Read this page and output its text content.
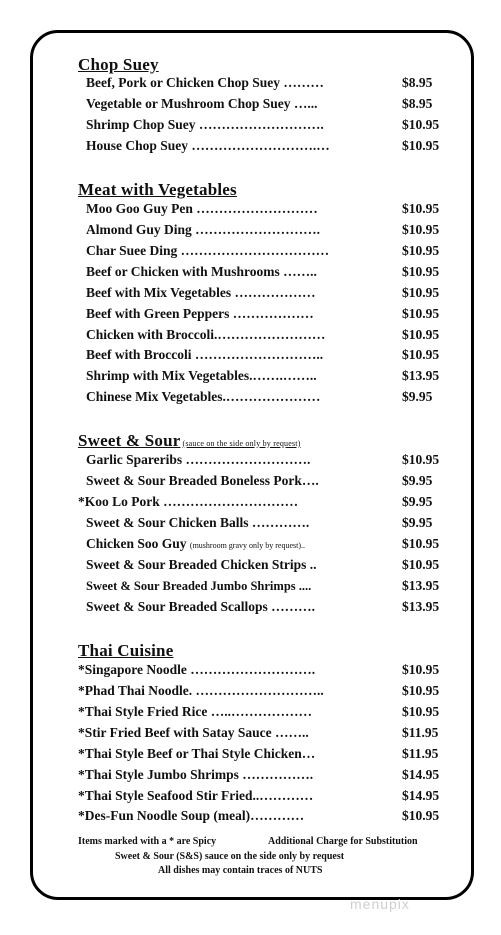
Chop Suey
Beef, Pork or Chicken Chop Suey ………	$8.95
Vegetable or Mushroom Chop Suey …...	$8.95
Shrimp Chop Suey ……………………….	$10.95
House Chop Suey ……………………….…	$10.95
Meat with Vegetables
Moo Goo Guy Pen ………………………	$10.95
Almond Guy Ding ……………………….	$10.95
Char Suee Ding ……………………………	$10.95
Beef or Chicken with Mushrooms ……..	$10.95
Beef with Mix Vegetables ………………	$10.95
Beef with Green Peppers ………………	$10.95
Chicken with Broccoli.……………………	$10.95
Beef with Broccoli ………………………..	$10.95
Shrimp with Mix Vegetables.…….……..	$13.95
Chinese Mix Vegetables.…………………	$9.95
Sweet & Sour (sauce on the side only by request)
Garlic Spareribs ……………………….	$10.95
Sweet & Sour Breaded Boneless Pork….	$9.95
*Koo Lo Pork …………………………	$9.95
Sweet & Sour Chicken Balls ………….	$9.95
Chicken Soo Guy (mushroom gravy only by request)..	$10.95
Sweet & Sour Breaded Chicken Strips ..	$10.95
Sweet & Sour Breaded Jumbo Shrimps ....	$13.95
Sweet & Sour Breaded Scallops ……….	$13.95
Thai Cuisine
*Singapore Noodle ……………………….	$10.95
*Phad Thai Noodle. ………………………..	$10.95
*Thai Style Fried Rice …..………………	$10.95
*Stir Fried Beef with Satay Sauce ……..	$11.95
*Thai Style Beef or Thai Style Chicken…	$11.95
*Thai Style Jumbo Shrimps …………….	$14.95
*Thai Style Seafood Stir Fried..…………	$14.95
*Des-Fun Noodle Soup (meal)…………	$10.95
Items marked with a * are Spicy	Additional Charge for Substitution
Sweet & Sour (S&S) sauce on the side only by request
All dishes may contain traces of NUTS
menupix
